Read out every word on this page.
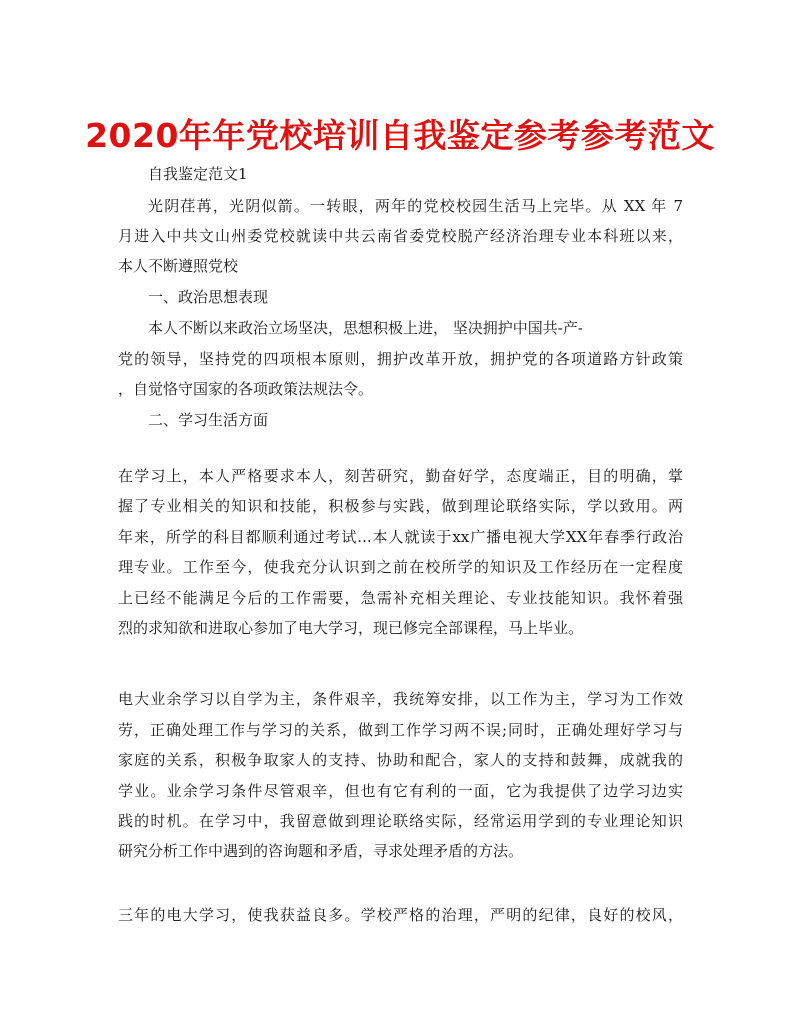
2020年年党校培训自我鉴定参考参考范文
自我鉴定范文1
光阴荏苒，光阴似箭。一转眼，两年的党校校园生活马上完毕。从 XX 年 7
月进入中共文山州委党校就读中共云南省委党校脱产经济治理专业本科班以来，
本人不断遵照党校
一、政治思想表现
本人不断以来政治立场坚决，思想积极上进， 坚决拥护中国共-产-
党的领导，坚持党的四项根本原则，拥护改革开放，拥护党的各项道路方针政策
，自觉恪守国家的各项政策法规法令。
二、学习生活方面
在学习上，本人严格要求本人，刻苦研究，勤奋好学，态度端正，目的明确，掌
握了专业相关的知识和技能，积极参与实践，做到理论联络实际，学以致用。两
年来，所学的科目都顺利通过考试...本人就读于xx广播电视大学XX年春季行政治
理专业。工作至今，使我充分认识到之前在校所学的知识及工作经历在一定程度
上已经不能满足今后的工作需要，急需补充相关理论、专业技能知识。我怀着强
烈的求知欲和进取心参加了电大学习，现已修完全部课程，马上毕业。
电大业余学习以自学为主，条件艰辛，我统筹安排，以工作为主，学习为工作效
劳，正确处理工作与学习的关系，做到工作学习两不误;同时，正确处理好学习与
家庭的关系，积极争取家人的支持、协助和配合，家人的支持和鼓舞，成就我的
学业。业余学习条件尽管艰辛，但也有它有利的一面，它为我提供了边学习边实
践的时机。在学习中，我留意做到理论联络实际，经常运用学到的专业理论知识
研究分析工作中遇到的咨询题和矛盾，寻求处理矛盾的方法。
三年的电大学习，使我获益良多。学校严格的治理，严明的纪律，良好的校风，
